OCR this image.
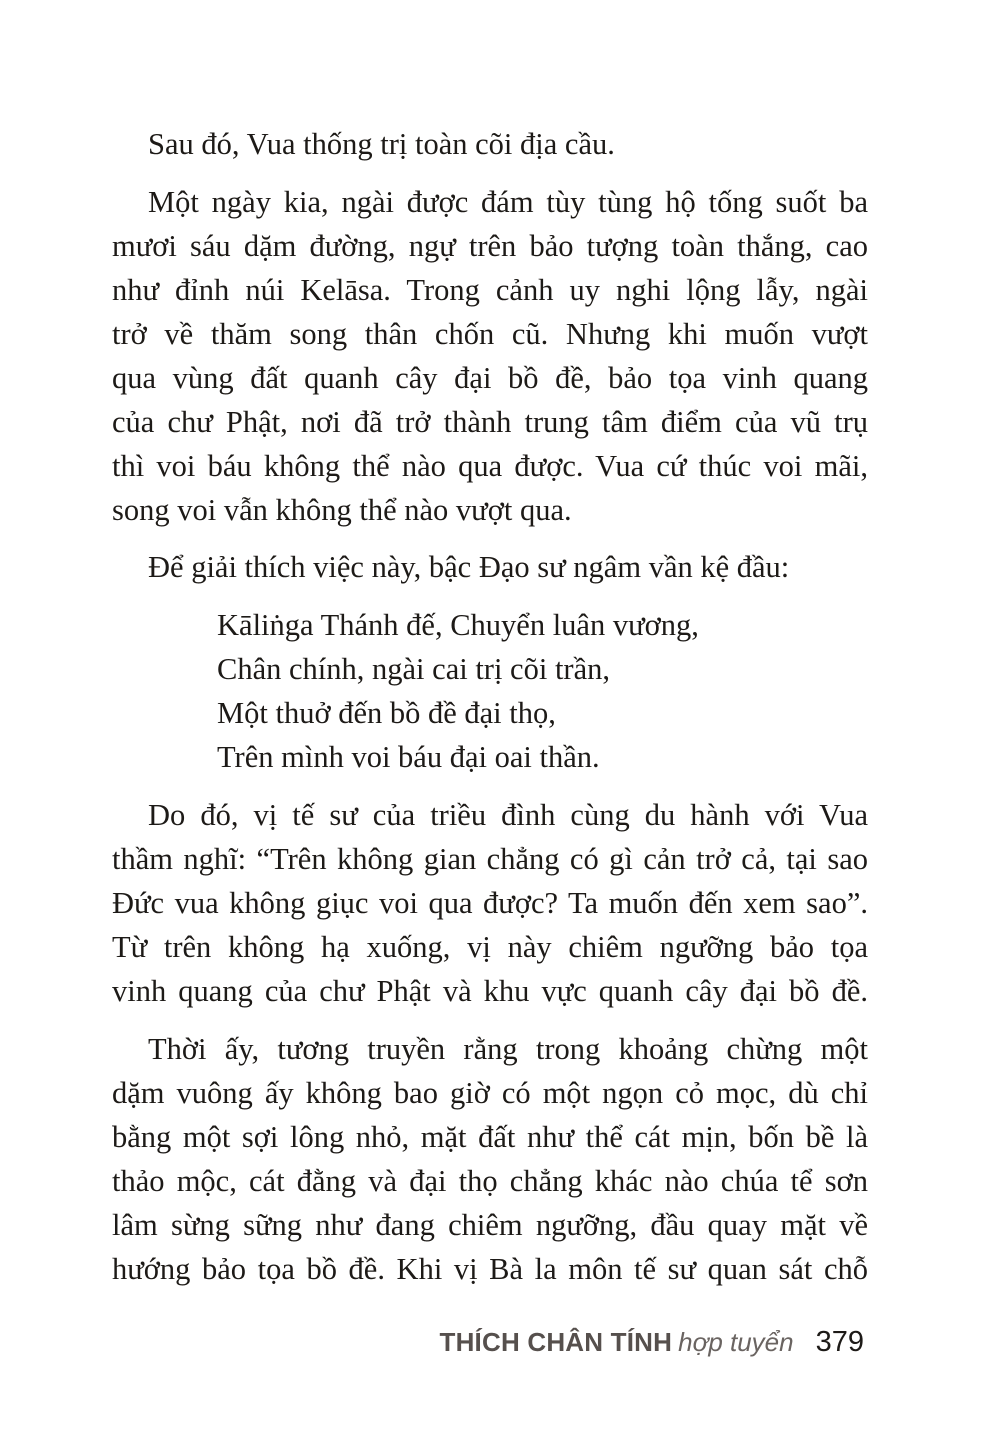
Sau đó, Vua thống trị toàn cõi địa cầu.
Một ngày kia, ngài được đám tùy tùng hộ tống suốt ba
mươi sáu dặm đường, ngự trên bảo tượng toàn thắng, cao
như đỉnh núi Kelāsa. Trong cảnh uy nghi lộng lẫy, ngài
trở về thăm song thân chốn cũ. Nhưng khi muốn vượt
qua vùng đất quanh cây đại bồ đề, bảo tọa vinh quang
của chư Phật, nơi đã trở thành trung tâm điểm của vũ trụ
thì voi báu không thể nào qua được. Vua cứ thúc voi mãi,
song voi vẫn không thể nào vượt qua.
Để giải thích việc này, bậc Đạo sư ngâm vần kệ đầu:
Kāliṅga Thánh đế, Chuyển luân vương,
Chân chính, ngài cai trị cõi trần,
Một thuở đến bồ đề đại thọ,
Trên mình voi báu đại oai thần.
Do đó, vị tế sư của triều đình cùng du hành với Vua
thầm nghĩ: “Trên không gian chẳng có gì cản trở cả, tại sao
Đức vua không giục voi qua được? Ta muốn đến xem sao”.
Từ trên không hạ xuống, vị này chiêm ngưỡng bảo tọa
vinh quang của chư Phật và khu vực quanh cây đại bồ đề.
Thời ấy, tương truyền rằng trong khoảng chừng một
dặm vuông ấy không bao giờ có một ngọn cỏ mọc, dù chỉ
bằng một sợi lông nhỏ, mặt đất như thể cát mịn, bốn bề là
thảo mộc, cát đằng và đại thọ chẳng khác nào chúa tể sơn
lâm sừng sững như đang chiêm ngưỡng, đầu quay mặt về
hướng bảo tọa bồ đề. Khi vị Bà la môn tế sư quan sát chỗ
THÍCH CHÂN TÍNH hợp tuyển 379
